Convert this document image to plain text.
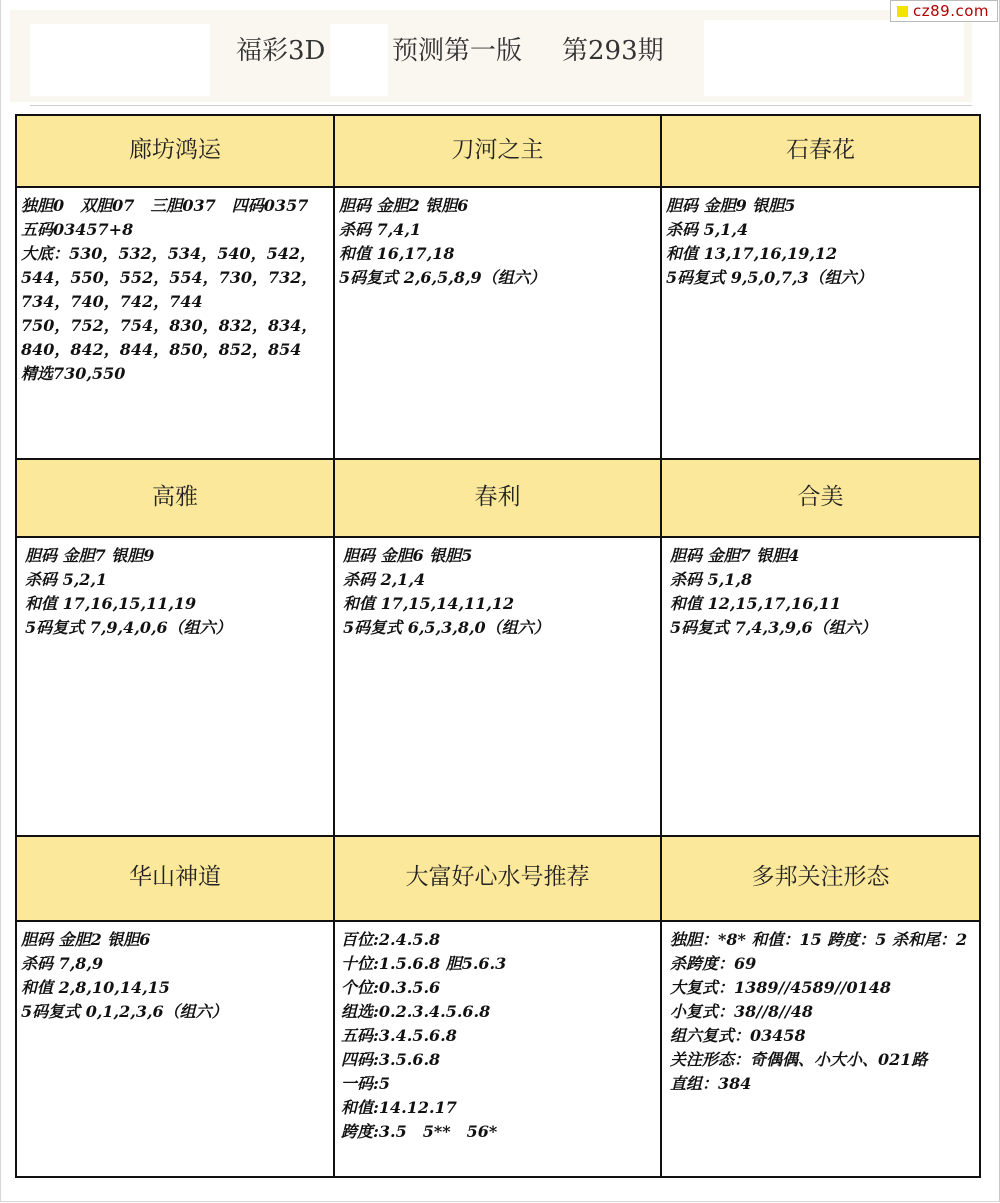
福彩3D	预测第一版 第293期
cz89.com
廊坊鸿运	刀河之主	石春花
独胆0　双胆07　三胆037　四码0357
五码03457+8
大底：530，532，534，540，542，544，550，552，554，730，732，734，740，742，744
750，752，754，830，832，834，840，842，844，850，852，854
精选730,550
胆码 金胆2 银胆6
杀码 7,4,1
和值 16,17,18
5码复式 2,6,5,8,9（组六）
胆码 金胆9 银胆5
杀码 5,1,4
和值 13,17,16,19,12
5码复式 9,5,0,7,3（组六）
高雅	春利	合美
胆码 金胆7 银胆9
杀码 5,2,1
和值 17,16,15,11,19
5码复式 7,9,4,0,6（组六）
胆码 金胆6 银胆5
杀码 2,1,4
和值 17,15,14,11,12
5码复式 6,5,3,8,0（组六）
胆码 金胆7 银胆4
杀码 5,1,8
和值 12,15,17,16,11
5码复式 7,4,3,9,6（组六）
华山神道	大富好心水号推荐	多邦关注形态
胆码 金胆2 银胆6
杀码 7,8,9
和值 2,8,10,14,15
5码复式 0,1,2,3,6（组六）
百位:2.4.5.8
十位:1.5.6.8 胆5.6.3
个位:0.3.5.6
组选:0.2.3.4.5.6.8
五码:3.4.5.6.8
四码:3.5.6.8
一码:5
和值:14.12.17
跨度:3.5　5**　56*
独胆：*8* 和值：15 跨度：5 杀和尾：2 杀跨度：69
大复式：1389//4589//0148
小复式：38//8//48
组六复式：03458
关注形态：奇偶偶、小大小、021路
直组：384
